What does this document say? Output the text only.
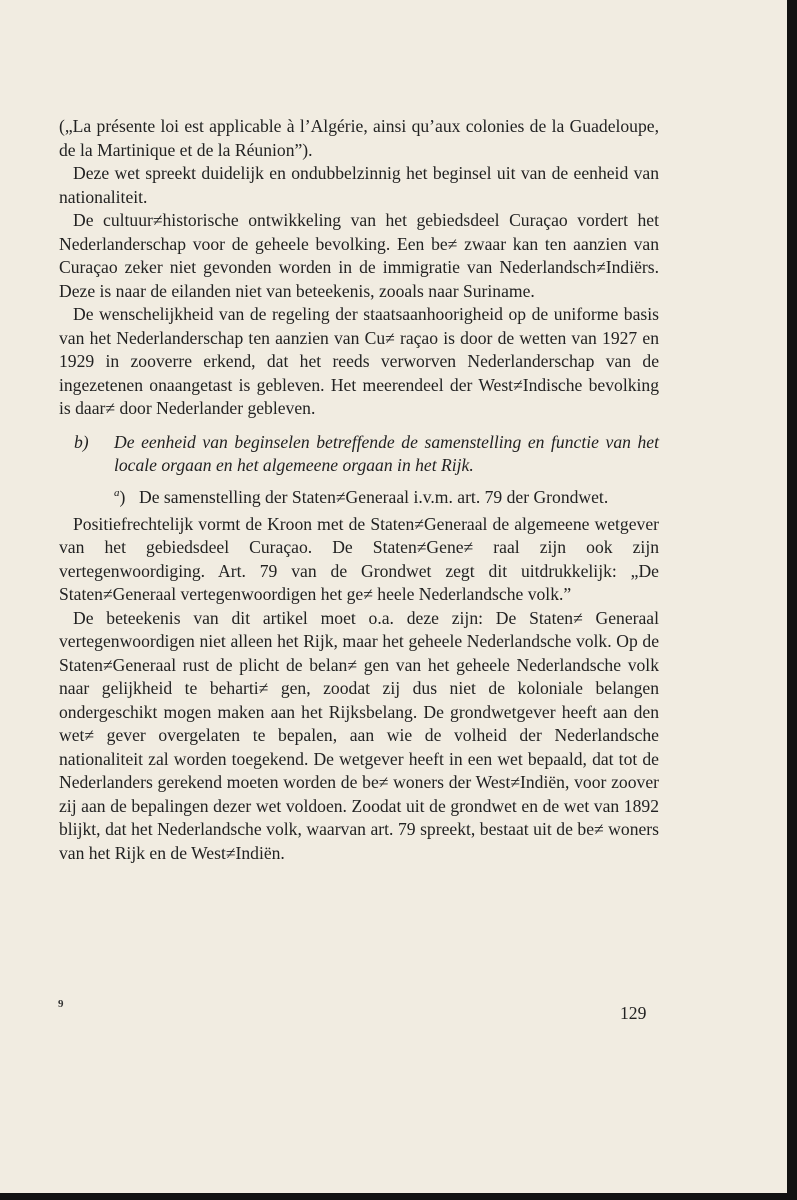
(„La présente loi est applicable à l’Algérie, ainsi qu’aux colonies de la Guadeloupe, de la Martinique et de la Réunion”).

Deze wet spreekt duidelijk en ondubbelzinnig het beginsel uit van de eenheid van nationaliteit.

De cultuur≠historische ontwikkeling van het gebiedsdeel Curaçao vordert het Nederlanderschap voor de geheele bevolking. Een be≠ zwaar kan ten aanzien van Curaçao zeker niet gevonden worden in de immigratie van Nederlandsch≠Indiërs. Deze is naar de eilanden niet van beteekenis, zooals naar Suriname.

De wenschelijkheid van de regeling der staatsaanhoorigheid op de uniforme basis van het Nederlanderschap ten aanzien van Cu≠ raçao is door de wetten van 1927 en 1929 in zooverre erkend, dat het reeds verworven Nederlanderschap van de ingezetenen onaangetast is gebleven. Het meerendeel der West≠Indische bevolking is daar≠ door Nederlander gebleven.

b) De eenheid van beginselen betreffende de samenstelling en functie van het locale orgaan en het algemeene orgaan in het Rijk.

$^a$) De samenstelling der Staten≠Generaal i.v.m. art. 79 der Grondwet.

Positiefrechtelijk vormt de Kroon met de Staten≠Generaal de algemeene wetgever van het gebiedsdeel Curaçao. De Staten≠Gene≠ raal zijn ook zijn vertegenwoordiging. Art. 79 van de Grondwet zegt dit uitdrukkelijk: „De Staten≠Generaal vertegenwoordigen het ge≠ heele Nederlandsche volk.”

De beteekenis van dit artikel moet o.a. deze zijn: De Staten≠ Generaal vertegenwoordigen niet alleen het Rijk, maar het geheele Nederlandsche volk. Op de Staten≠Generaal rust de plicht de belan≠ gen van het geheele Nederlandsche volk naar gelijkheid te beharti≠ gen, zoodat zij dus niet de koloniale belangen ondergeschikt mogen maken aan het Rijksbelang. De grondwetgever heeft aan den wet≠ gever overgelaten te bepalen, aan wie de volheid der Nederlandsche nationaliteit zal worden toegekend. De wetgever heeft in een wet bepaald, dat tot de Nederlanders gerekend moeten worden de be≠ woners der West≠Indiën, voor zoover zij aan de bepalingen dezer wet voldoen. Zoodat uit de grondwet en de wet van 1892 blijkt, dat het Nederlandsche volk, waarvan art. 79 spreekt, bestaat uit de be≠ woners van het Rijk en de West≠Indiën.

9	129
